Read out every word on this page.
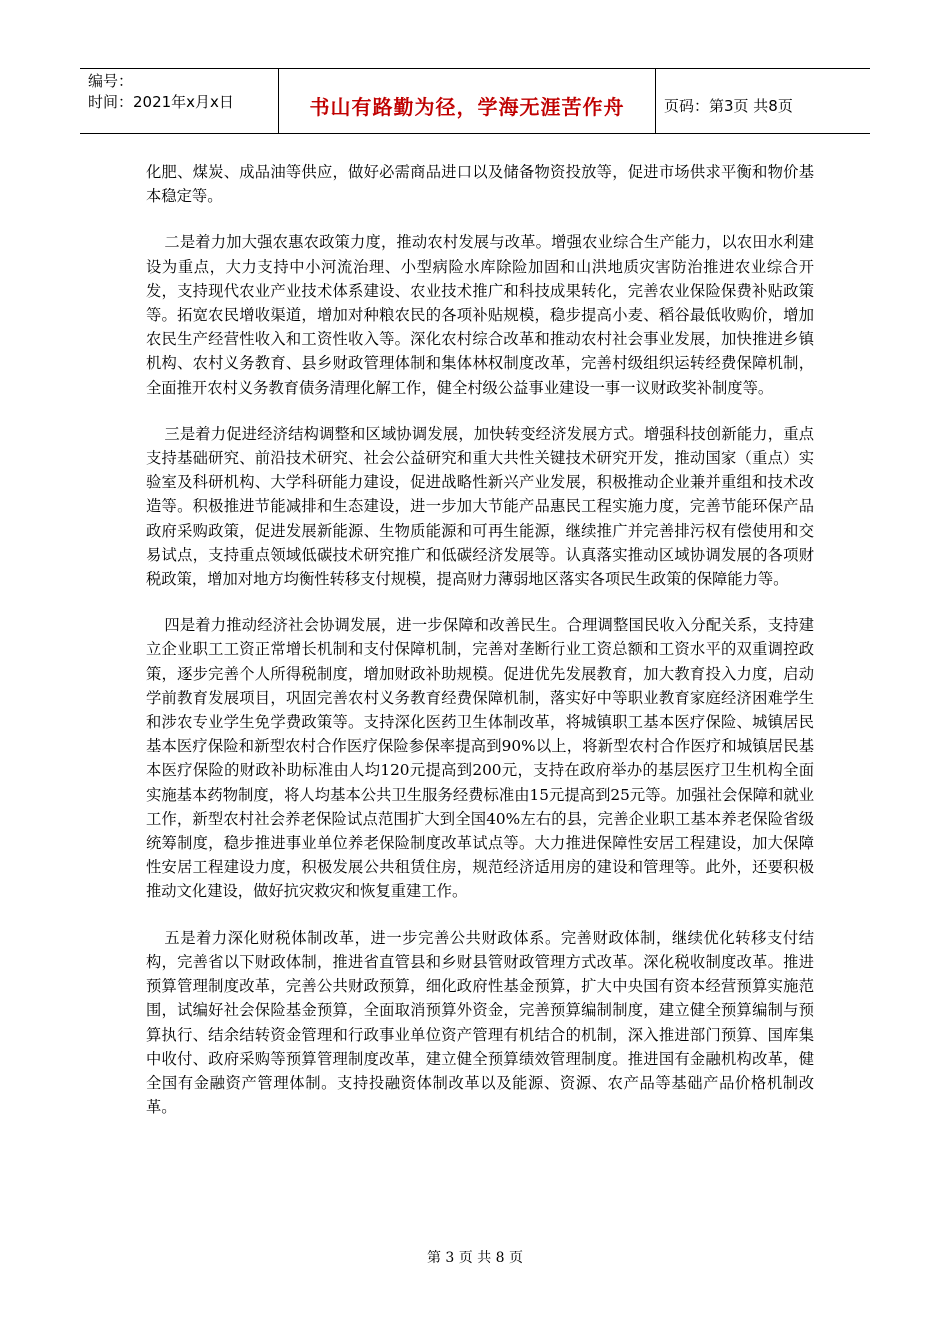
编号：
时间：2021年x月x日	书山有路勤为径，学海无涯苦作舟	页码：第3页 共8页

化肥、煤炭、成品油等供应，做好必需商品进口以及储备物资投放等，促进市场供求平衡和物价基本稳定等。

二是着力加大强农惠农政策力度，推动农村发展与改革。增强农业综合生产能力，以农田水利建设为重点，大力支持中小河流治理、小型病险水库除险加固和山洪地质灾害防治推进农业综合开发，支持现代农业产业技术体系建设、农业技术推广和科技成果转化，完善农业保险保费补贴政策等。拓宽农民增收渠道，增加对种粮农民的各项补贴规模，稳步提高小麦、稻谷最低收购价，增加农民生产经营性收入和工资性收入等。深化农村综合改革和推动农村社会事业发展，加快推进乡镇机构、农村义务教育、县乡财政管理体制和集体林权制度改革，完善村级组织运转经费保障机制，全面推开农村义务教育债务清理化解工作，健全村级公益事业建设一事一议财政奖补制度等。

三是着力促进经济结构调整和区域协调发展，加快转变经济发展方式。增强科技创新能力，重点支持基础研究、前沿技术研究、社会公益研究和重大共性关键技术研究开发，推动国家（重点）实验室及科研机构、大学科研能力建设，促进战略性新兴产业发展，积极推动企业兼并重组和技术改造等。积极推进节能减排和生态建设，进一步加大节能产品惠民工程实施力度，完善节能环保产品政府采购政策，促进发展新能源、生物质能源和可再生能源，继续推广并完善排污权有偿使用和交易试点，支持重点领域低碳技术研究推广和低碳经济发展等。认真落实推动区域协调发展的各项财税政策，增加对地方均衡性转移支付规模，提高财力薄弱地区落实各项民生政策的保障能力等。

四是着力推动经济社会协调发展，进一步保障和改善民生。合理调整国民收入分配关系，支持建立企业职工工资正常增长机制和支付保障机制，完善对垄断行业工资总额和工资水平的双重调控政策，逐步完善个人所得税制度，增加财政补助规模。促进优先发展教育，加大教育投入力度，启动学前教育发展项目，巩固完善农村义务教育经费保障机制，落实好中等职业教育家庭经济困难学生和涉农专业学生免学费政策等。支持深化医药卫生体制改革，将城镇职工基本医疗保险、城镇居民基本医疗保险和新型农村合作医疗保险参保率提高到90%以上，将新型农村合作医疗和城镇居民基本医疗保险的财政补助标准由人均120元提高到200元，支持在政府举办的基层医疗卫生机构全面实施基本药物制度，将人均基本公共卫生服务经费标准由15元提高到25元等。加强社会保障和就业工作，新型农村社会养老保险试点范围扩大到全国40%左右的县，完善企业职工基本养老保险省级统筹制度，稳步推进事业单位养老保险制度改革试点等。大力推进保障性安居工程建设，加大保障性安居工程建设力度，积极发展公共租赁住房，规范经济适用房的建设和管理等。此外，还要积极推动文化建设，做好抗灾救灾和恢复重建工作。

五是着力深化财税体制改革，进一步完善公共财政体系。完善财政体制，继续优化转移支付结构，完善省以下财政体制，推进省直管县和乡财县管财政管理方式改革。深化税收制度改革。推进预算管理制度改革，完善公共财政预算，细化政府性基金预算，扩大中央国有资本经营预算实施范围，试编好社会保险基金预算，全面取消预算外资金，完善预算编制制度，建立健全预算编制与预算执行、结余结转资金管理和行政事业单位资产管理有机结合的机制，深入推进部门预算、国库集中收付、政府采购等预算管理制度改革，建立健全预算绩效管理制度。推进国有金融机构改革，健全国有金融资产管理体制。支持投融资体制改革以及能源、资源、农产品等基础产品价格机制改革。

第 3 页 共 8 页
